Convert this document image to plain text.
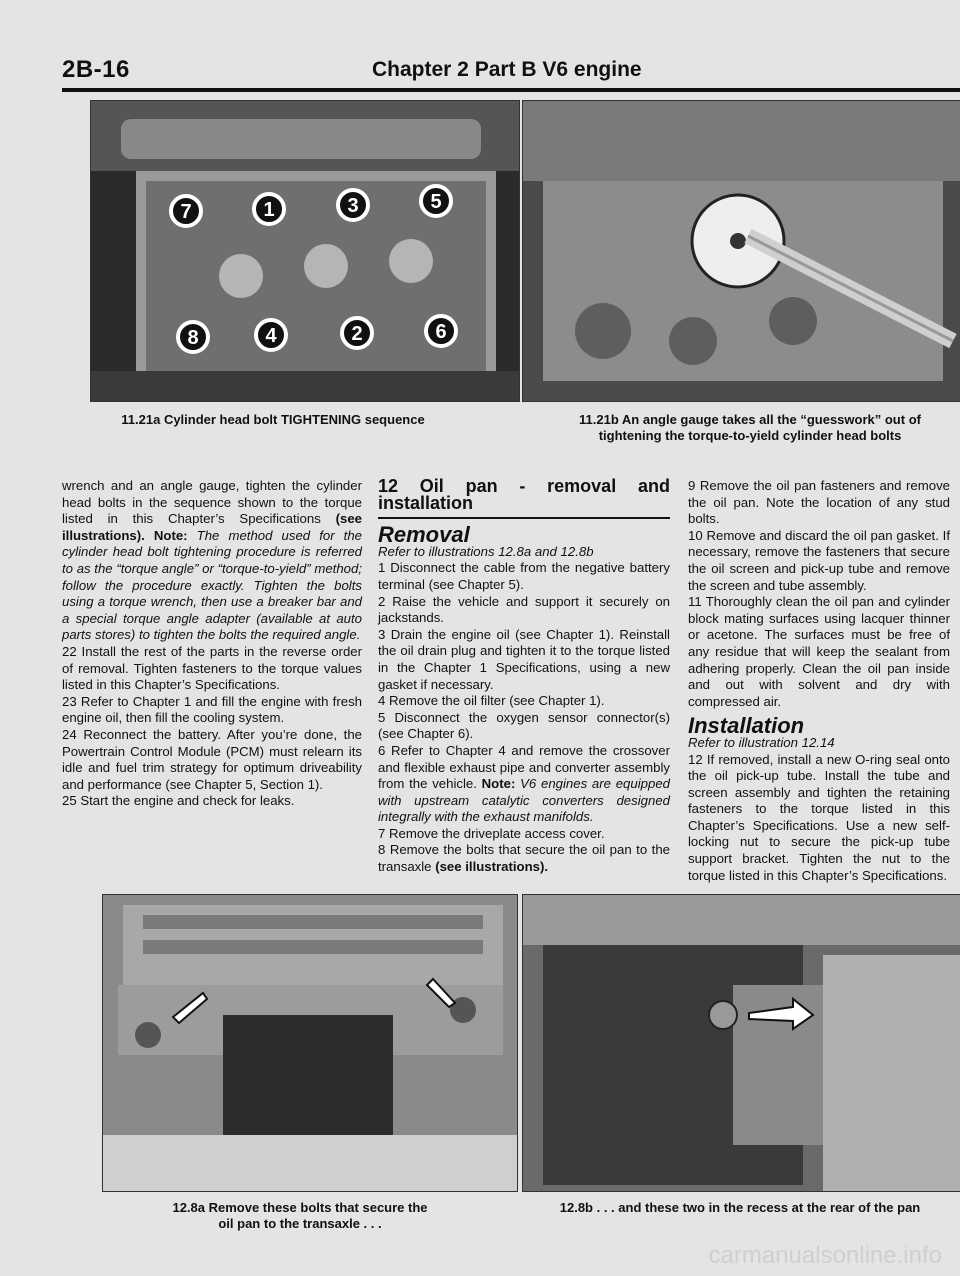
2B-16	Chapter 2 Part B V6 engine
7	1	3	5
8	4	2	6
11.21a Cylinder head bolt TIGHTENING sequence	11.21b An angle gauge takes all the “guesswork” out of
tightening the torque-to-yield cylinder head bolts

wrench and an angle gauge, tighten the cylinder head bolts in the sequence shown to the torque listed in this Chapter’s Specifications (see illustrations). Note: The method used for the cylinder head bolt tightening procedure is referred to as the “torque angle” or “torque-to-yield” method; follow the procedure exactly. Tighten the bolts using a torque wrench, then use a breaker bar and a special torque angle adapter (available at auto parts stores) to tighten the bolts the required angle.

22 Install the rest of the parts in the reverse order of removal. Tighten fasteners to the torque values listed in this Chapter’s Specifications.

23 Refer to Chapter 1 and fill the engine with fresh engine oil, then fill the cooling system.

24 Reconnect the battery. After you’re done, the Powertrain Control Module (PCM) must relearn its idle and fuel trim strategy for optimum driveability and performance (see Chapter 5, Section 1).

25 Start the engine and check for leaks.

12 Oil pan - removal and installation
Removal

Refer to illustrations 12.8a and 12.8b

1 Disconnect the cable from the negative battery terminal (see Chapter 5).

2 Raise the vehicle and support it securely on jackstands.

3 Drain the engine oil (see Chapter 1). Reinstall the oil drain plug and tighten it to the torque listed in the Chapter 1 Specifications, using a new gasket if necessary.

4 Remove the oil filter (see Chapter 1).

5 Disconnect the oxygen sensor connector(s) (see Chapter 6).

6 Refer to Chapter 4 and remove the crossover and flexible exhaust pipe and converter assembly from the vehicle. Note: V6 engines are equipped with upstream catalytic converters designed integrally with the exhaust manifolds.

7 Remove the driveplate access cover.

8 Remove the bolts that secure the oil pan to the transaxle (see illustrations).

9 Remove the oil pan fasteners and remove the oil pan. Note the location of any stud bolts.

10 Remove and discard the oil pan gasket. If necessary, remove the fasteners that secure the oil screen and pick-up tube and remove the screen and tube assembly.

11 Thoroughly clean the oil pan and cylinder block mating surfaces using lacquer thinner or acetone. The surfaces must be free of any residue that will keep the sealant from adhering properly. Clean the oil pan inside and out with solvent and dry with compressed air.

Installation

Refer to illustration 12.14

12 If removed, install a new O-ring seal onto the oil pick-up tube. Install the tube and screen assembly and tighten the retaining fasteners to the torque listed in this Chapter’s Specifications. Use a new self-locking nut to secure the pick-up tube support bracket. Tighten the nut to the torque listed in this Chapter’s Specifications.

12.8a Remove these bolts that secure the
oil pan to the transaxle . . .
12.8b . . . and these two in the recess at the rear of the pan
carmanualsonline.info
